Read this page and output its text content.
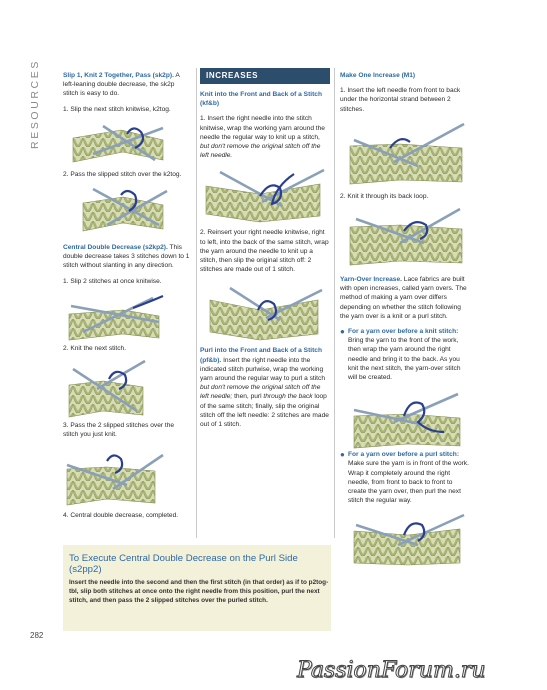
RESOURCES	Slip 1, Knit 2 Together, Pass (sk2p). A left-leaning double decrease, the sk2p stitch is easy to do.

1. Slip the next stitch knitwise, k2tog.

2. Pass the slipped stitch over the k2tog.

Central Double Decrease (s2kp2). This double decrease takes 3 stitches down to 1 stitch without slanting in any direction.

1. Slip 2 stitches at once knitwise.

2. Knit the next stitch.

3. Pass the 2 slipped stitches over the stitch you just knit.

4. Central double decrease, completed.

INCREASES

Knit into the Front and Back of a Stitch (kf&b)

1. Insert the right needle into the stitch knitwise, wrap the working yarn around the needle the regular way to knit up a stitch, but don't remove the original stitch off the left needle.

2. Reinsert your right needle knitwise, right to left, into the back of the same stitch, wrap the yarn around the needle to knit up a stitch, then slip the original stitch off: 2 stitches are made out of 1 stitch.

Purl into the Front and Back of a Stitch (pf&b). Insert the right needle into the indicated stitch purlwise, wrap the working yarn around the regular way to purl a stitch but don't remove the original stitch off the left needle; then, purl through the back loop of the same stitch; finally, slip the original stitch off the left needle: 2 stitches are made out of 1 stitch.

Make One Increase (M1)

1. Insert the left needle from front to back under the horizontal strand between 2 stitches.

2. Knit it through its back loop.

Yarn-Over Increase. Lace fabrics are built with open increases, called yarn overs. The method of making a yarn over differs depending on whether the stitch following the yarn over is a knit or a purl stitch.

● For a yarn over before a knit stitch: Bring the yarn to the front of the work, then wrap the yarn around the right needle and bring it to the back. As you knit the next stitch, the yarn-over stitch will be created.
● For a yarn over before a purl stitch: Make sure the yarn is in front of the work. Wrap it completely around the right needle, from front to back to front to create the yarn over, then purl the next stitch the regular way.
To Execute Central Double Decrease on the Purl Side (s2pp2)
Insert the needle into the second and then the first stitch (in that order) as if to p2tog-tbl, slip both stitches at once onto the right needle from this position, purl the next stitch, and then pass the 2 slipped stitches over the purled stitch.
282
PassionForum.ru
